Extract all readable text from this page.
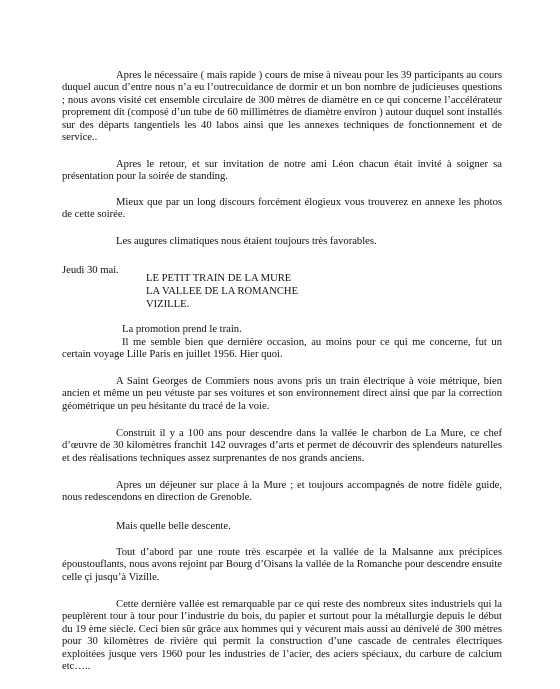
Apres le nécessaire ( mais rapide ) cours de mise à niveau pour les 39 participants au cours duquel aucun d’entre nous n’a eu l’outrecuidance de dormir et un bon nombre de judicieuses questions ; nous avons visité cet ensemble circulaire de 300 mètres de diamètre en ce qui concerne l’accélérateur proprement dit (composé d’un tube de 60 millimètres de diamètre environ ) autour duquel sont installés sur des départs tangentiels les 40 labos ainsi que les annexes techniques de fonctionnement et de service..

Apres le retour, et sur invitation de notre ami Léon chacun était invité à soigner sa présentation pour la soirée de standing.

Mieux que par un long discours forcément élogieux vous trouverez en annexe les photos de cette soirée.

Les augures climatiques nous étaient toujours très favorables.

Jeudi 30 mai.

LE PETIT TRAIN DE LA MURE

LA VALLEE DE LA ROMANCHE

VIZILLE.

La promotion prend le train.

Il me semble bien que dernière occasion, au moins pour ce qui me concerne, fut un certain voyage Lille Paris en juillet 1956. Hier quoi.

A Saint Georges de Commiers nous avons pris un train électrique à voie métrique, bien ancien et même un peu vétuste par ses voitures et son environnement direct ainsi que par la correction géométrique un peu hésitante du tracé de la voie.

Construit il y a 100 ans pour descendre dans la vallée le charbon de La Mure, ce chef d’œuvre de 30 kilomètres franchit 142 ouvrages d’arts et permet de découvrir des splendeurs naturelles et des réalisations techniques assez surprenantes de nos grands anciens.

Apres un déjeuner sur place à la Mure ; et toujours accompagnés de notre fidèle guide, nous redescendons en direction de Grenoble.

Mais quelle belle descente.

Tout d’abord par une route très escarpée et la vallée de la Malsanne aux précipices époustouflants, nous avons rejoint par Bourg d’Oisans la vallée de la Romanche pour descendre ensuite celle çi jusqu’à Vizille.

Cette dernière vallée est remarquable par ce qui reste des nombreux sites industriels qui la peuplèrent tour à tour pour l’industrie du bois, du papier et surtout pour la métallurgie depuis le début du 19 ème siècle. Ceci bien sûr grâce aux hommes qui y vécurent mais aussi au dénivelé de 300 mètres pour 30 kilomètres de rivière qui permit la construction d’une cascade de centrales électriques exploitées jusque vers 1960 pour les industries de l’acier, des aciers spéciaux, du carbure de calcium etc…..
